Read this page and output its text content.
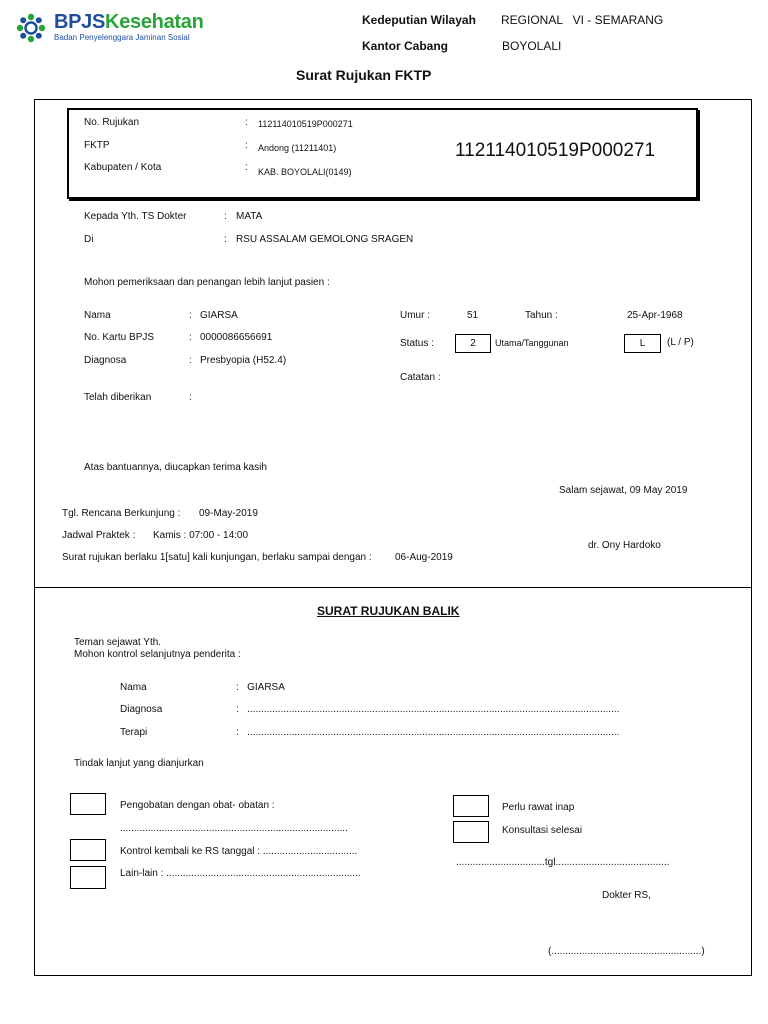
BPJSKesehatan
Badan Penyelenggara Jaminan Sosial
Kedeputian Wilayah REGIONAL   VI - SEMARANG
Kantor Cabang	BOYOLALI
Surat Rujukan FKTP
No. Rujukan	: 112114010519P000271
FKTP	: Andong (11211401)
Kabupaten / Kota	: KAB. BOYOLALI(0149)
112114010519P000271
Kepada Yth. TS Dokter	: MATA
Di	: RSU ASSALAM GEMOLONG SRAGEN
Mohon pemeriksaan dan penangan lebih lanjut pasien :
Nama	: GIARSA
No. Kartu BPJS	: 0000086656691
Diagnosa	: Presbyopia (H52.4)
Telah diberikan	:
Umur :	51	Tahun :	25-Apr-1968
Status :	2	Utama/Tanggunan	L	(L / P)
Catatan :
Atas bantuannya, diucapkan terima kasih
Salam sejawat, 09 May 2019
Tgl. Rencana Berkunjung : 09-May-2019
Jadwal Praktek : Kamis : 07:00 - 14:00
dr. Ony Hardoko
Surat rujukan berlaku 1[satu] kali kunjungan, berlaku sampai dengan : 06-Aug-2019
SURAT RUJUKAN BALIK
Teman sejawat Yth.
Mohon kontrol selanjutnya penderita :
Nama	:   GIARSA
Diagnosa	:   ......................................................................................................................................
Terapi	:   ......................................................................................................................................
Tindak lanjut yang dianjurkan
Pengobatan dengan obat- obatan :
..................................................................................
Kontrol kembali ke RS tanggal : ..................................
Lain-lain : ......................................................................
Perlu rawat inap
Konsultasi selesai
................................tgl.........................................
Dokter RS,
(......................................................)
